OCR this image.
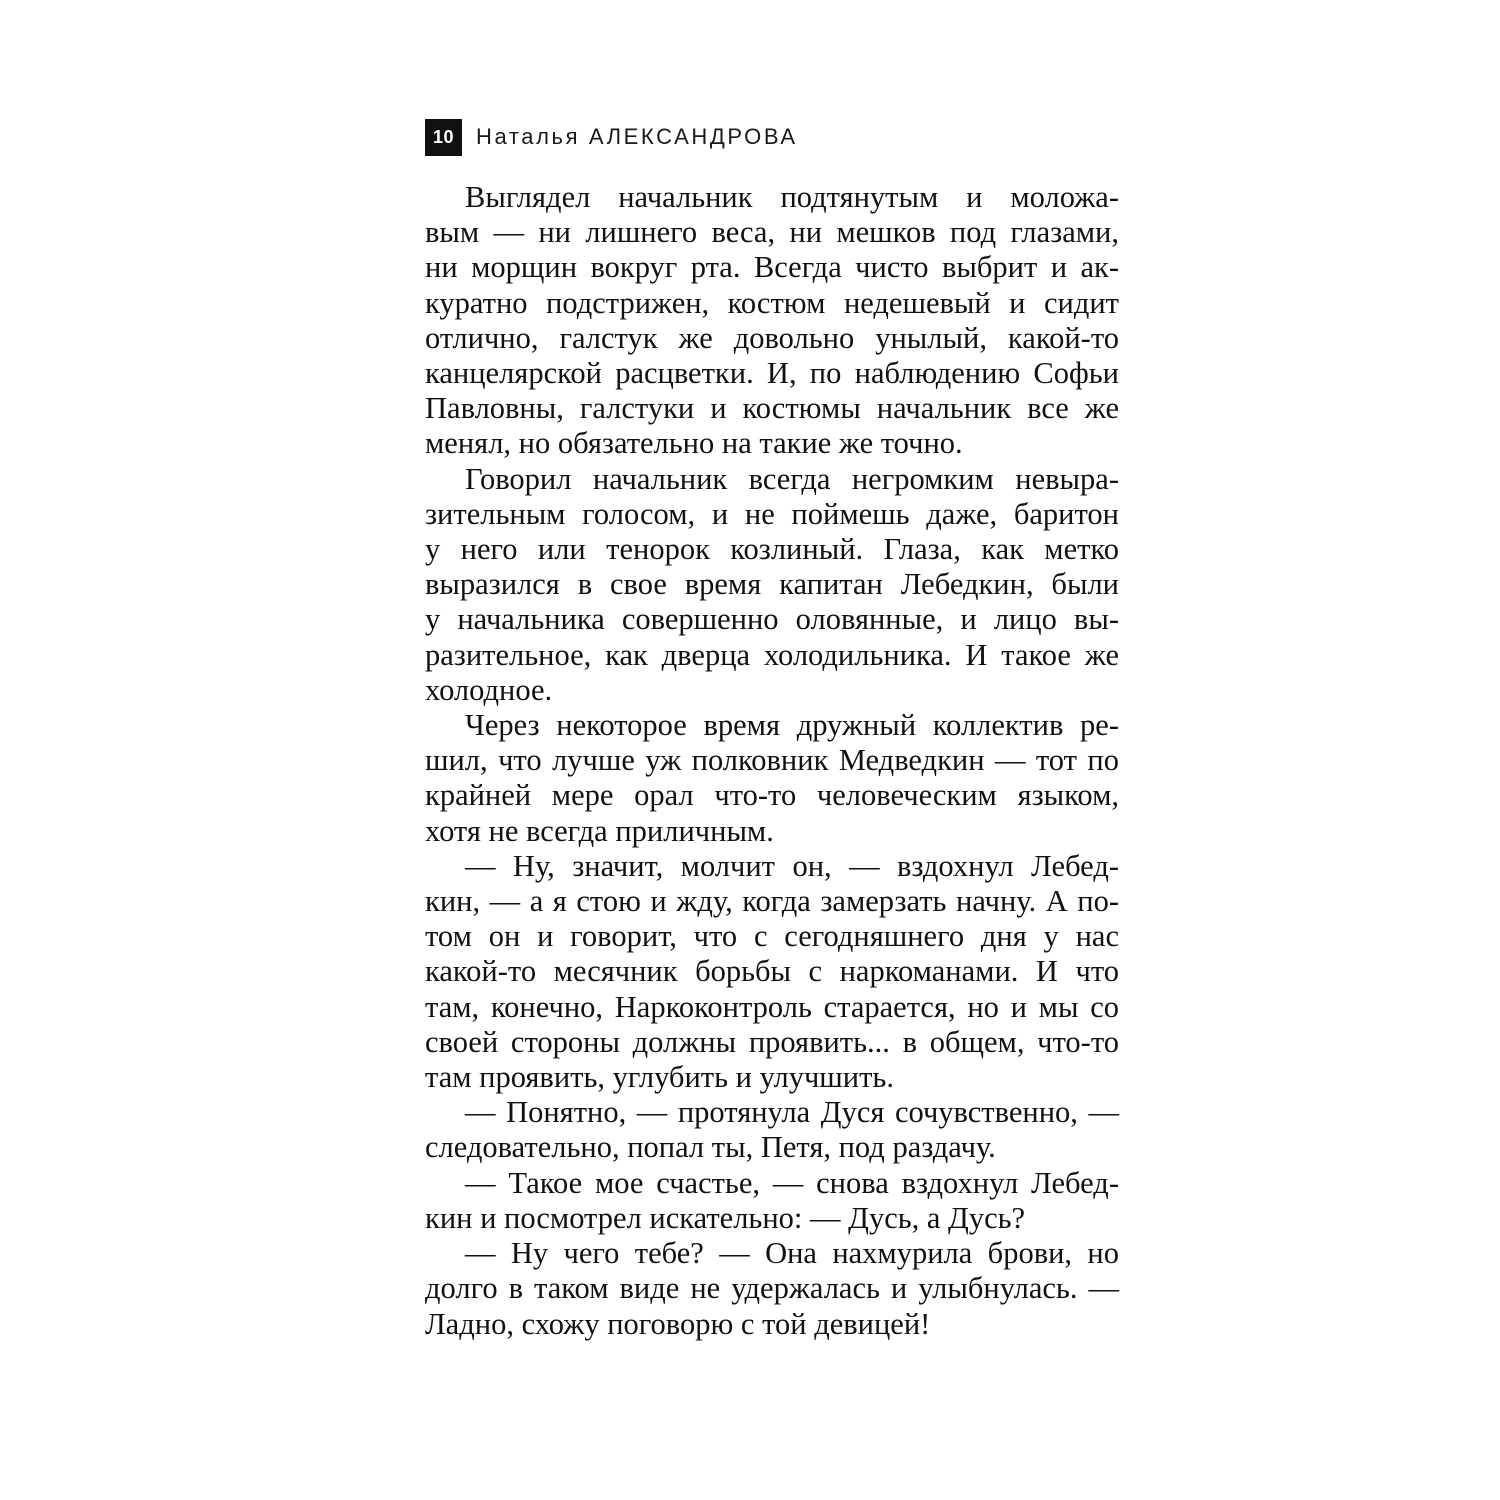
10 Наталья АЛЕКСАНДРОВА
Выглядел начальник подтянутым и моложа-
вым — ни лишнего веса, ни мешков под глазами,
ни морщин вокруг рта. Всегда чисто выбрит и ак-
куратно подстрижен, костюм недешевый и сидит
отлично, галстук же довольно унылый, какой-то
канцелярской расцветки. И, по наблюдению Софьи
Павловны, галстуки и костюмы начальник все же
менял, но обязательно на такие же точно.
Говорил начальник всегда негромким невыра-
зительным голосом, и не поймешь даже, баритон
у него или тенорок козлиный. Глаза, как метко
выразился в свое время капитан Лебедкин, были
у начальника совершенно оловянные, и лицо вы-
разительное, как дверца холодильника. И такое же
холодное.
Через некоторое время дружный коллектив ре-
шил, что лучше уж полковник Медведкин — тот по
крайней мере орал что-то человеческим языком,
хотя не всегда приличным.
— Ну, значит, молчит он, — вздохнул Лебед-
кин, — а я стою и жду, когда замерзать начну. А по-
том он и говорит, что с сегодняшнего дня у нас
какой-то месячник борьбы с наркоманами. И что
там, конечно, Наркоконтроль старается, но и мы со
своей стороны должны проявить... в общем, что-то
там проявить, углубить и улучшить.
— Понятно, — протянула Дуся сочувственно, —
следовательно, попал ты, Петя, под раздачу.
— Такое мое счастье, — снова вздохнул Лебед-
кин и посмотрел искательно: — Дусь, а Дусь?
— Ну чего тебе? — Она нахмурила брови, но
долго в таком виде не удержалась и улыбнулась. —
Ладно, схожу поговорю с той девицей!
